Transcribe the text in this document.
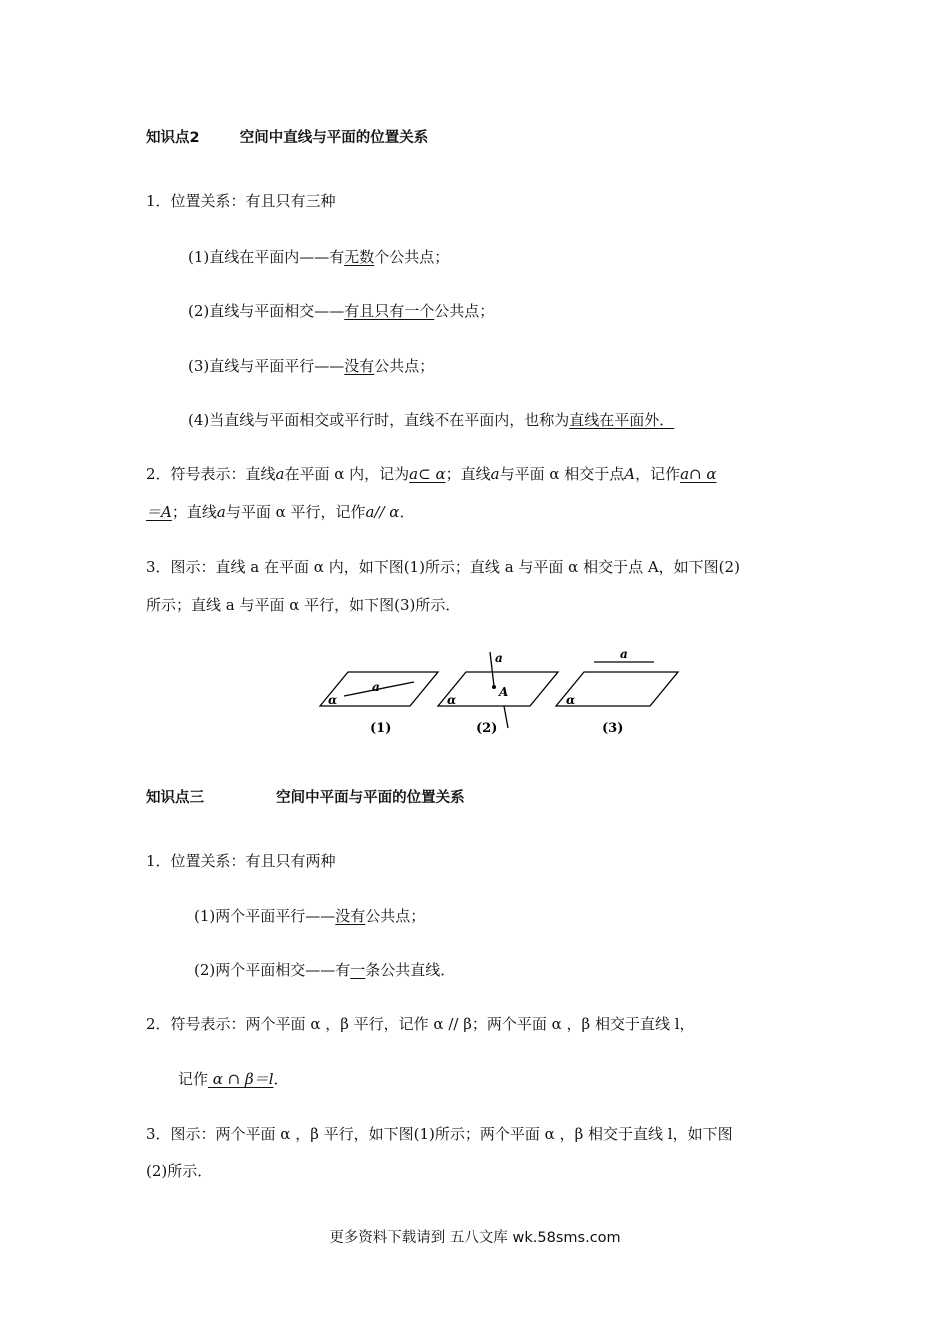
知识点2	空间中直线与平面的位置关系
1．位置关系：有且只有三种
(1)直线在平面内——有无数个公共点；
(2)直线与平面相交——有且只有一个公共点；
(3)直线与平面平行——没有公共点；
(4)当直线与平面相交或平行时，直线不在平面内，也称为直线在平面外．
2．符号表示：直线a在平面 α 内，记为a⊂ α；直线a与平面 α 相交于点A，记作a∩ α
＝A；直线a与平面 α 平行，记作a// α．
3．图示：直线 a 在平面 α 内，如下图(1)所示；直线 a 与平面 α 相交于点 A，如下图(2)
所示；直线 a 与平面 α 平行，如下图(3)所示．
a
α
(1)
a
A
α
(2)
a
α
(3)
知识点三	空间中平面与平面的位置关系
1．位置关系：有且只有两种
(1)两个平面平行——没有公共点；
(2)两个平面相交——有一条公共直线．
2．符号表示：两个平面 α ，β 平行，记作 α // β；两个平面 α ，β 相交于直线 l，
记作 α ∩ β＝l．
3．图示：两个平面 α ，β 平行，如下图(1)所示；两个平面 α ，β 相交于直线 l，如下图
(2)所示．
更多资料下载请到 五八文库 wk.58sms.com
